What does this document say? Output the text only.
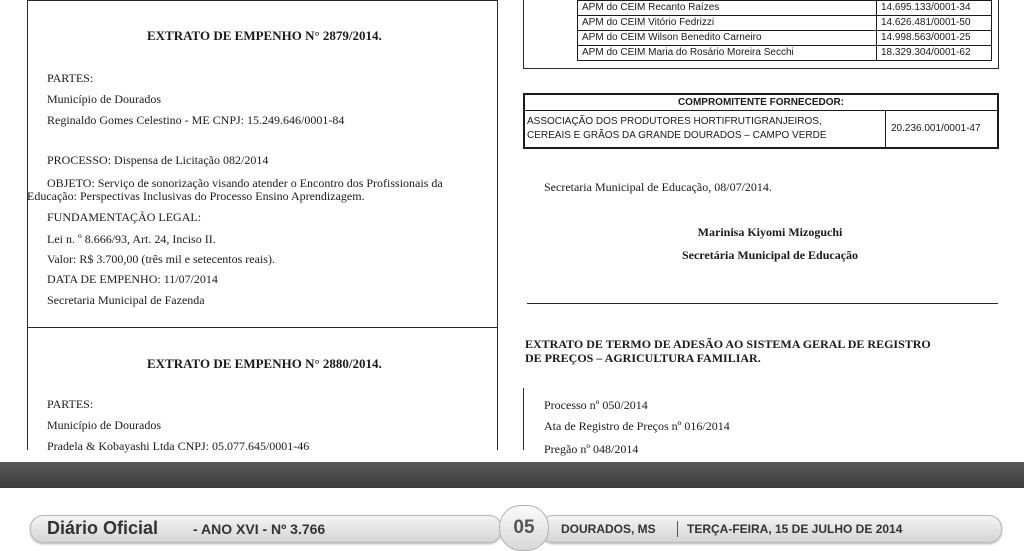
EXTRATO DE EMPENHO N° 2879/2014.
PARTES:
Município de Dourados
Reginaldo Gomes Celestino - ME CNPJ: 15.249.646/0001-84
PROCESSO: Dispensa de Licitação 082/2014
OBJETO: Serviço de sonorização visando atender o Encontro dos Profissionais da
Educação: Perspectivas Inclusivas do Processo Ensino Aprendizagem.
FUNDAMENTAÇÃO LEGAL:
Lei n. º 8.666/93, Art. 24, Inciso II.
Valor: R$ 3.700,00 (três mil e setecentos reais).
DATA DE EMPENHO: 11/07/2014
Secretaria Municipal de Fazenda
EXTRATO DE EMPENHO N° 2880/2014.
PARTES:
Município de Dourados
Pradela & Kobayashi Ltda CNPJ: 05.077.645/0001-46
APM do CEIM Recanto Raízes	14.695.133/0001-34
APM do CEIM Vitório Fedrizzi	14.626.481/0001-50
APM do CEIM Wilson Benedito Carneiro	14.998.563/0001-25
APM do CEIM Maria do Rosário Moreira Secchi	18.329.304/0001-62
COMPROMITENTE FORNECEDOR:
ASSOCIAÇÃO DOS PRODUTORES HORTIFRUTIGRANJEIROS,
CEREAIS E GRÃOS DA GRANDE DOURADOS – CAMPO VERDE
20.236.001/0001-47
Secretaria Municipal de Educação, 08/07/2014.
Marinisa Kiyomi Mizoguchi
Secretária Municipal de Educação
EXTRATO DE TERMO DE ADESÃO AO SISTEMA GERAL DE REGISTRO
DE PREÇOS – AGRICULTURA FAMILIAR.
Processo nº 050/2014
Ata de Registro de Preços nº 016/2014
Pregão nº 048/2014
Diário Oficial - ANO XVI - Nº 3.766	DOURADOS, MS	TERÇA-FEIRA, 15 DE JULHO DE 2014
05
